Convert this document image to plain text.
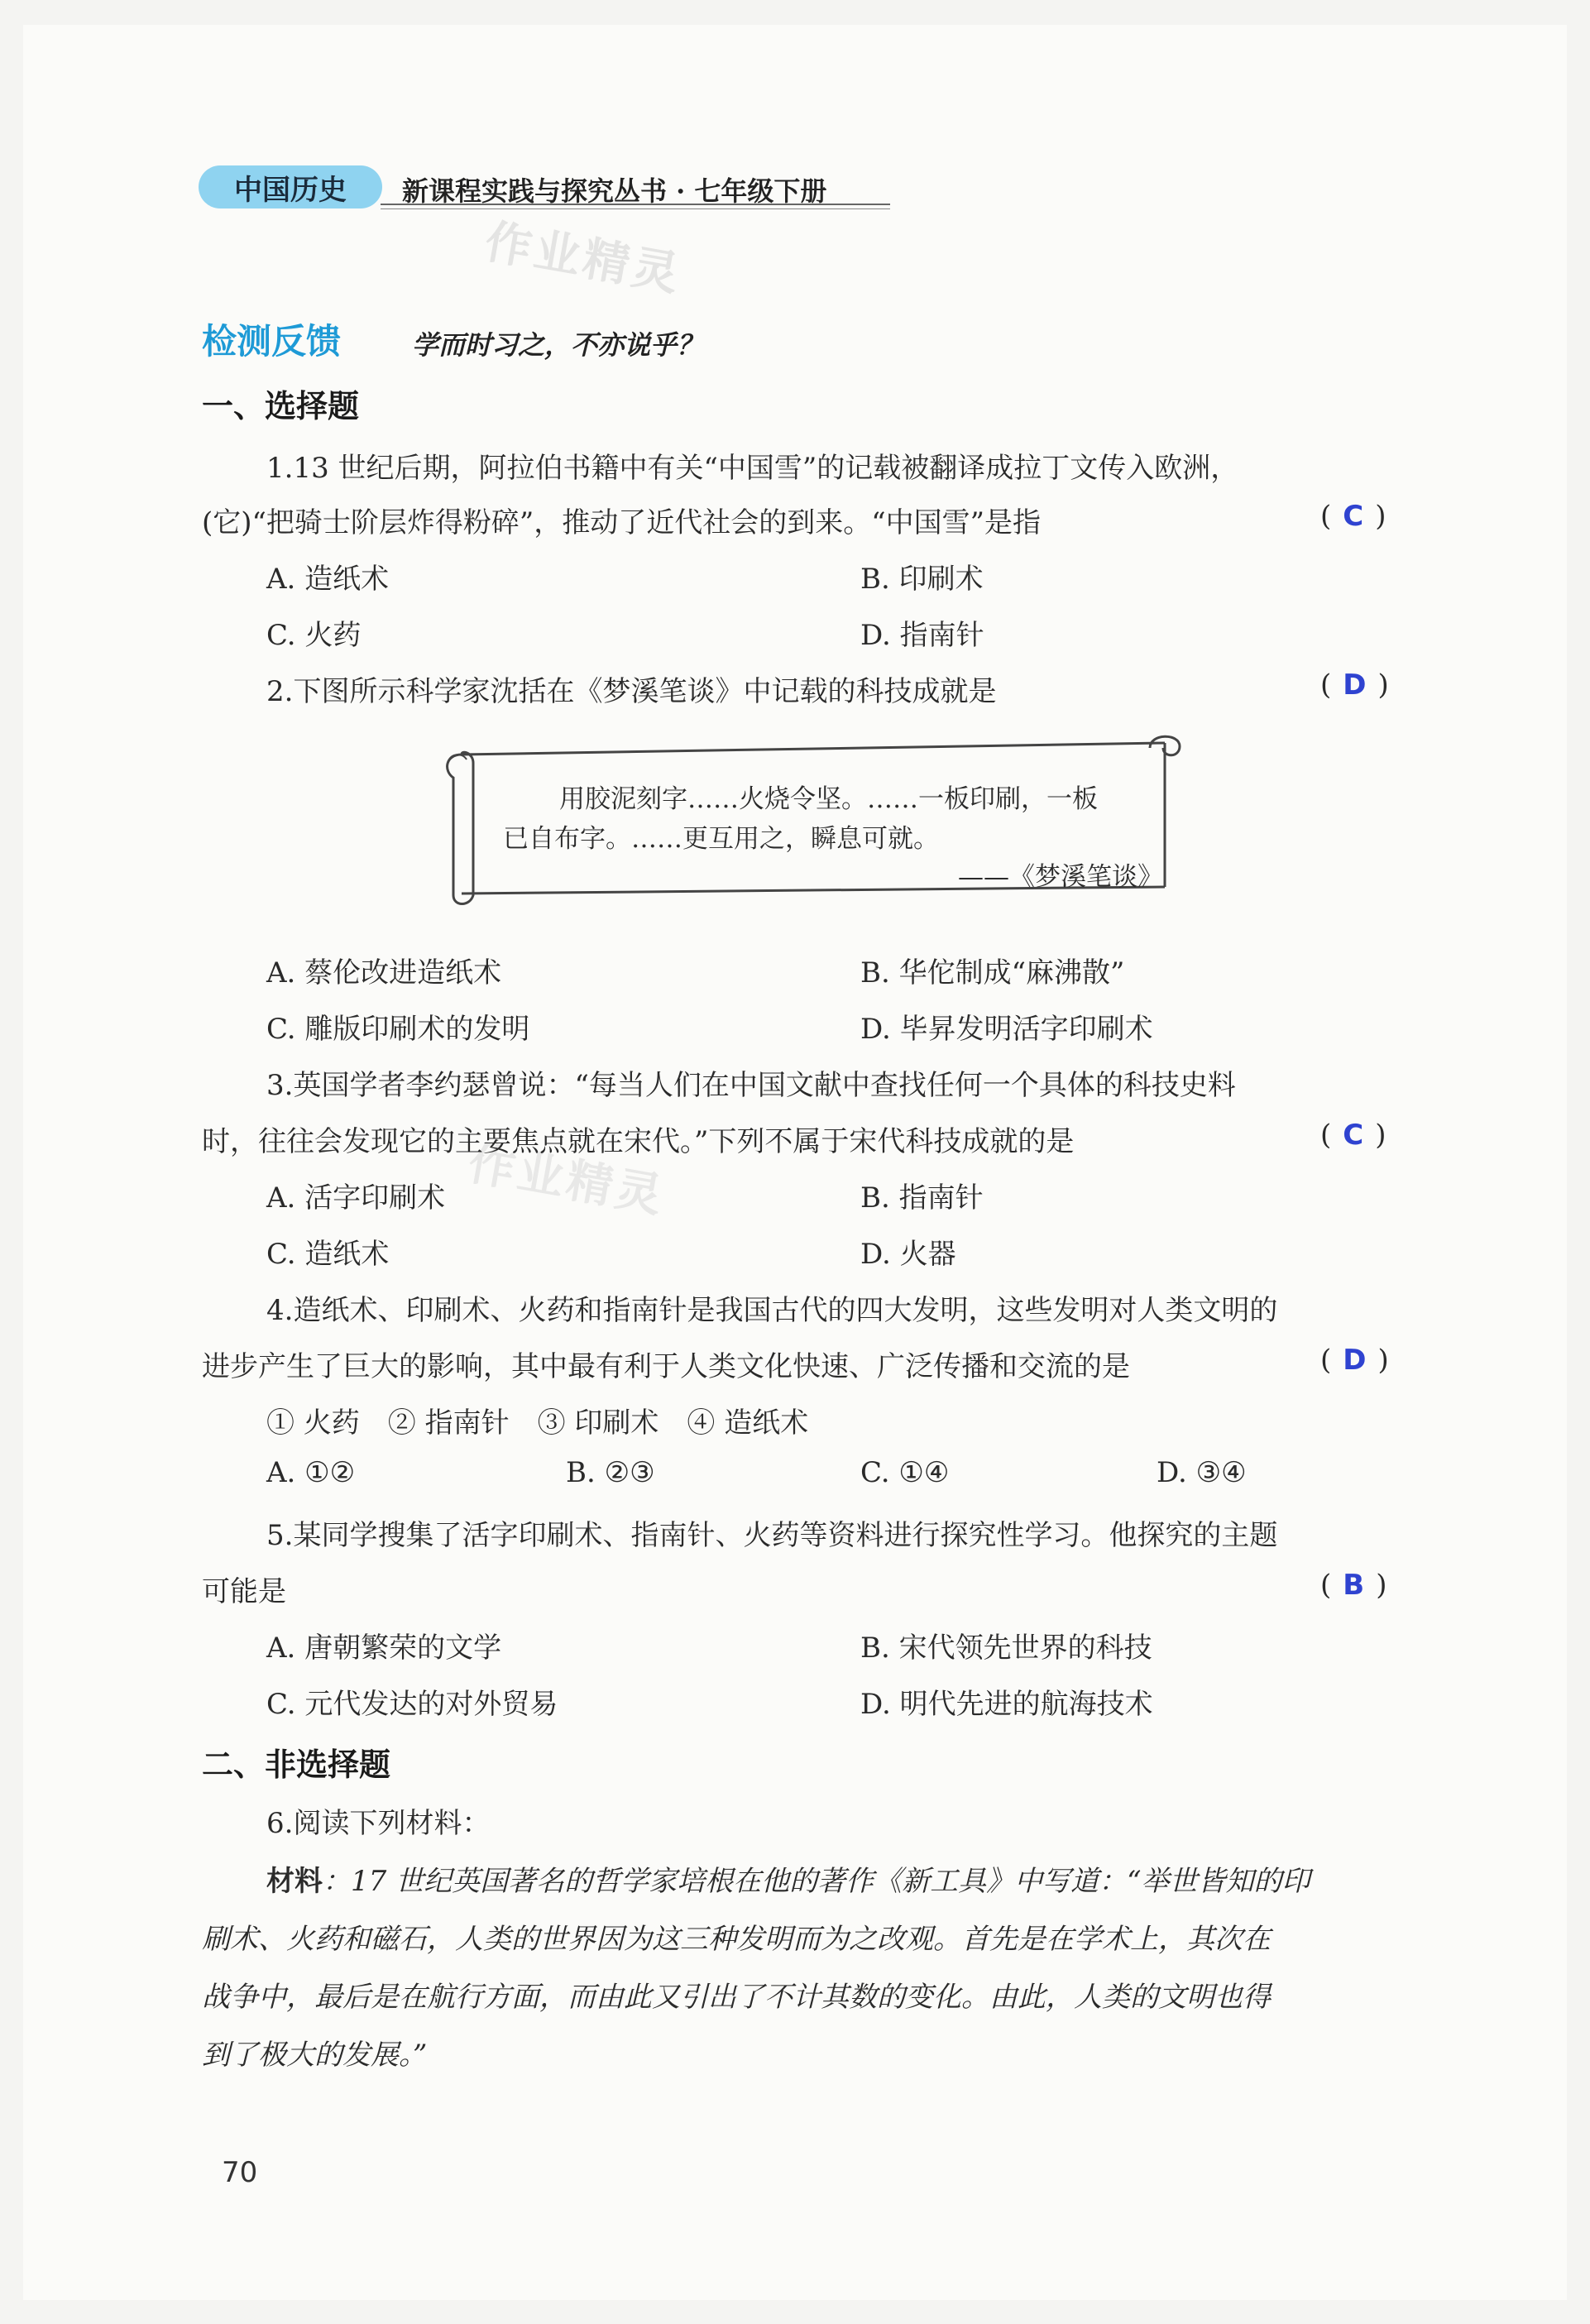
中国历史	新课程实践与探究丛书 · 七年级下册
作业精灵
作业精灵
检测反馈	学而时习之，不亦说乎？
一、选择题
1.13 世纪后期，阿拉伯书籍中有关“中国雪”的记载被翻译成拉丁文传入欧洲，
(它)“把骑士阶层炸得粉碎”，推动了近代社会的到来。“中国雪”是指	( C )
A. 造纸术	B. 印刷术
C. 火药	D. 指南针
2.下图所示科学家沈括在《梦溪笔谈》中记载的科技成就是	( D )
用胶泥刻字……火烧令坚。……一板印刷，一板
已自布字。……更互用之，瞬息可就。
——《梦溪笔谈》
A. 蔡伦改进造纸术	B. 华佗制成“麻沸散”
C. 雕版印刷术的发明	D. 毕昇发明活字印刷术
3.英国学者李约瑟曾说：“每当人们在中国文献中查找任何一个具体的科技史料
时，往往会发现它的主要焦点就在宋代。”下列不属于宋代科技成就的是	( C )
A. 活字印刷术	B. 指南针
C. 造纸术	D. 火器
4.造纸术、印刷术、火药和指南针是我国古代的四大发明，这些发明对人类文明的
进步产生了巨大的影响，其中最有利于人类文化快速、广泛传播和交流的是	( D )
① 火药　② 指南针　③ 印刷术　④ 造纸术
A. ①②	B. ②③	C. ①④	D. ③④
5.某同学搜集了活字印刷术、指南针、火药等资料进行探究性学习。他探究的主题
可能是	( B )
A. 唐朝繁荣的文学	B. 宋代领先世界的科技
C. 元代发达的对外贸易	D. 明代先进的航海技术
二、非选择题
6.阅读下列材料：
材料：17 世纪英国著名的哲学家培根在他的著作《新工具》中写道：“举世皆知的印
刷术、火药和磁石，人类的世界因为这三种发明而为之改观。首先是在学术上，其次在
战争中，最后是在航行方面，而由此又引出了不计其数的变化。由此，人类的文明也得
到了极大的发展。”
70
